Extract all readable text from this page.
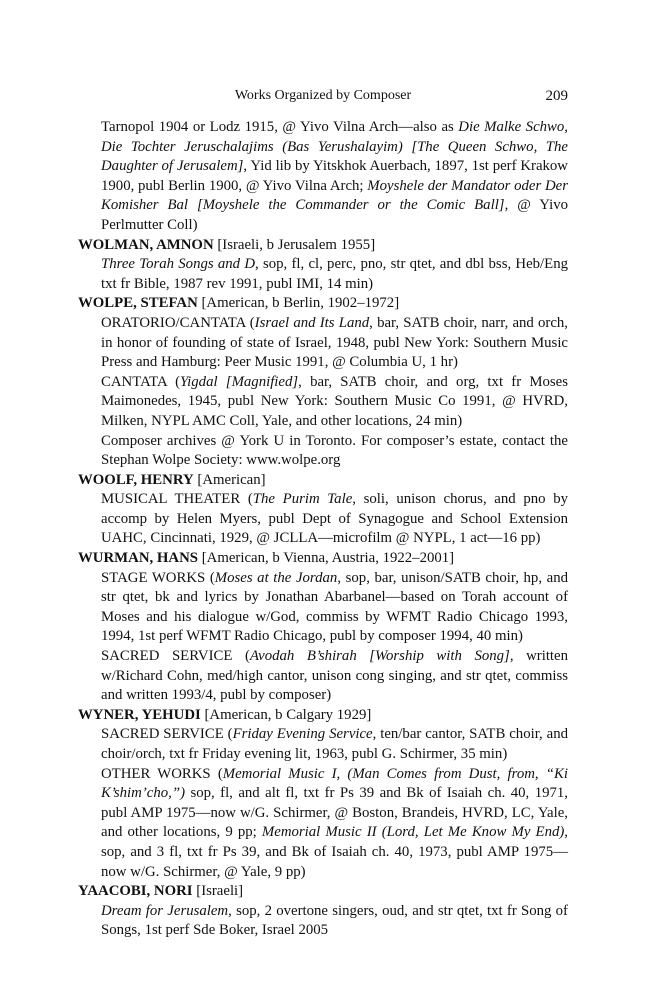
Works Organized by Composer	209
Tarnopol 1904 or Lodz 1915, @ Yivo Vilna Arch—also as Die Malke Schwo, Die Tochter Jeruschalajims (Bas Yerushalayim) [The Queen Schwo, The Daughter of Jerusalem], Yid lib by Yitskhok Auerbach, 1897, 1st perf Krakow 1900, publ Berlin 1900, @ Yivo Vilna Arch; Moyshele der Mandator oder Der Komisher Bal [Moyshele the Commander or the Comic Ball], @ Yivo Perlmutter Coll)
WOLMAN, AMNON [Israeli, b Jerusalem 1955]
Three Torah Songs and D, sop, fl, cl, perc, pno, str qtet, and dbl bss, Heb/Eng txt fr Bible, 1987 rev 1991, publ IMI, 14 min)
WOLPE, STEFAN [American, b Berlin, 1902–1972]
ORATORIO/CANTATA (Israel and Its Land, bar, SATB choir, narr, and orch, in honor of founding of state of Israel, 1948, publ New York: Southern Music Press and Hamburg: Peer Music 1991, @ Columbia U, 1 hr)
CANTATA (Yigdal [Magnified], bar, SATB choir, and org, txt fr Moses Maimonedes, 1945, publ New York: Southern Music Co 1991, @ HVRD, Milken, NYPL AMC Coll, Yale, and other locations, 24 min)
Composer archives @ York U in Toronto. For composer’s estate, contact the Stephan Wolpe Society: www.wolpe.org
WOOLF, HENRY [American]
MUSICAL THEATER (The Purim Tale, soli, unison chorus, and pno by accomp by Helen Myers, publ Dept of Synagogue and School Extension UAHC, Cincinnati, 1929, @ JCLLA—microfilm @ NYPL, 1 act—16 pp)
WURMAN, HANS [American, b Vienna, Austria, 1922–2001]
STAGE WORKS (Moses at the Jordan, sop, bar, unison/SATB choir, hp, and str qtet, bk and lyrics by Jonathan Abarbanel—based on Torah account of Moses and his dialogue w/God, commiss by WFMT Radio Chicago 1993, 1994, 1st perf WFMT Radio Chicago, publ by composer 1994, 40 min)
SACRED SERVICE (Avodah B’shirah [Worship with Song], written w/Richard Cohn, med/high cantor, unison cong singing, and str qtet, commiss and written 1993/4, publ by composer)
WYNER, YEHUDI [American, b Calgary 1929]
SACRED SERVICE (Friday Evening Service, ten/bar cantor, SATB choir, and choir/orch, txt fr Friday evening lit, 1963, publ G. Schirmer, 35 min)
OTHER WORKS (Memorial Music I, (Man Comes from Dust, from, “Ki K’shim’cho,”) sop, fl, and alt fl, txt fr Ps 39 and Bk of Isaiah ch. 40, 1971, publ AMP 1975—now w/G. Schirmer, @ Boston, Brandeis, HVRD, LC, Yale, and other locations, 9 pp; Memorial Music II (Lord, Let Me Know My End), sop, and 3 fl, txt fr Ps 39, and Bk of Isaiah ch. 40, 1973, publ AMP 1975—now w/G. Schirmer, @ Yale, 9 pp)
YAACOBI, NORI [Israeli]
Dream for Jerusalem, sop, 2 overtone singers, oud, and str qtet, txt fr Song of Songs, 1st perf Sde Boker, Israel 2005
